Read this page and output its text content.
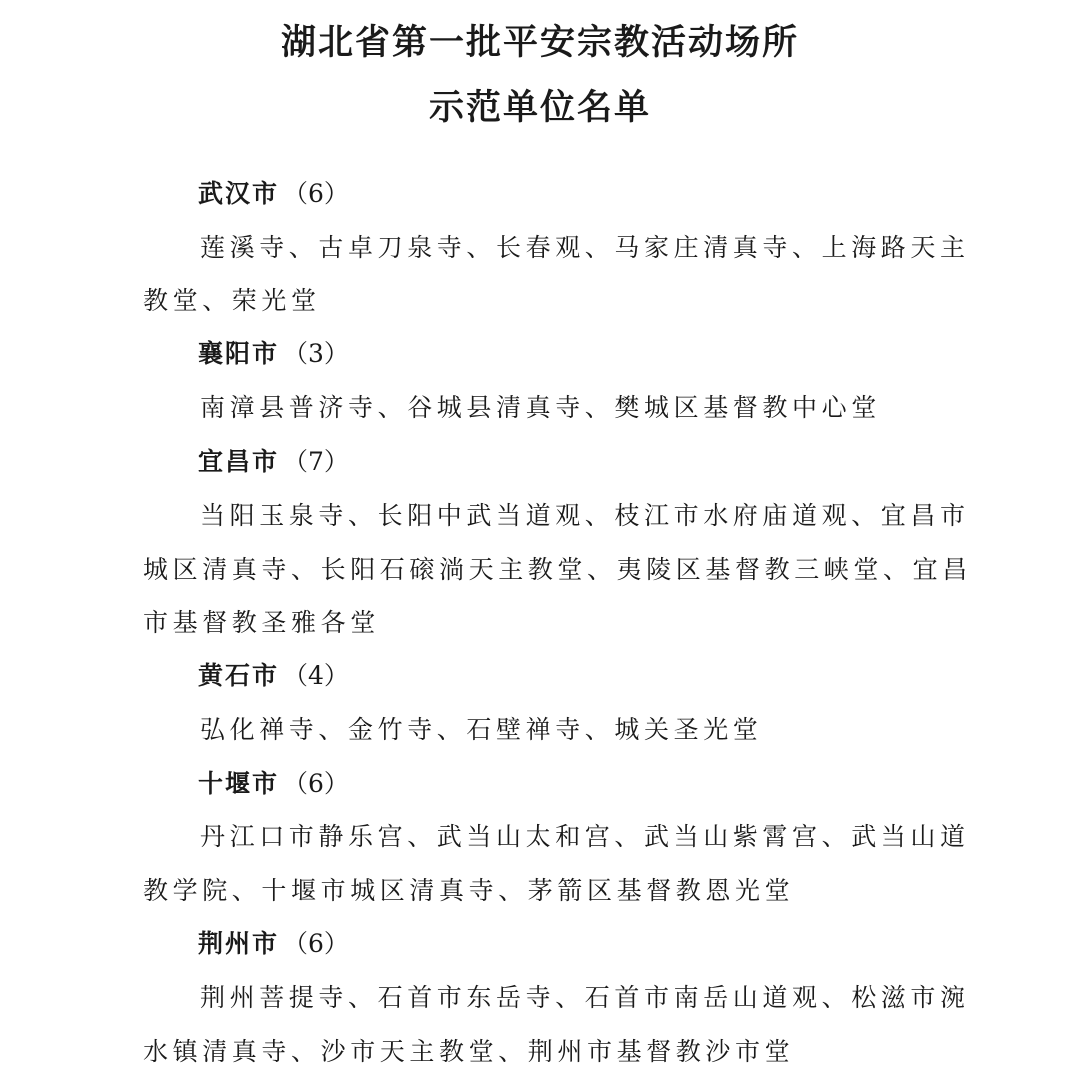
湖北省第一批平安宗教活动场所
示范单位名单
武汉市 （6）
莲溪寺、古卓刀泉寺、长春观、马家庄清真寺、上海路天主
教堂、荣光堂
襄阳市 （3）
南漳县普济寺、谷城县清真寺、樊城区基督教中心堂
宜昌市 （7）
当阳玉泉寺、长阳中武当道观、枝江市水府庙道观、宜昌市
城区清真寺、长阳石磙淌天主教堂、夷陵区基督教三峡堂、宜昌
市基督教圣雅各堂
黄石市 （4）
弘化禅寺、金竹寺、石壁禅寺、城关圣光堂
十堰市 （6）
丹江口市静乐宫、武当山太和宫、武当山紫霄宫、武当山道
教学院、十堰市城区清真寺、茅箭区基督教恩光堂
荆州市 （6）
荆州菩提寺、石首市东岳寺、石首市南岳山道观、松滋市涴
水镇清真寺、沙市天主教堂、荆州市基督教沙市堂
